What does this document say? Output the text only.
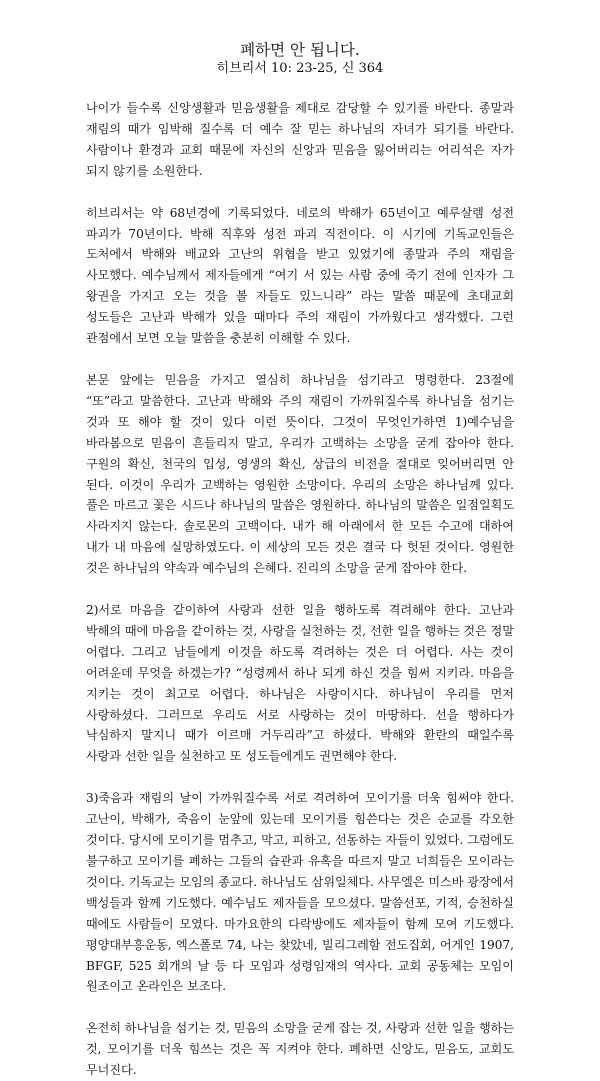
폐하면 안 됩니다.
히브리서 10: 23-25, 신 364

나이가 들수록 신앙생활과 믿음생활을 제대로 감당할 수 있기를 바란다. 종말과 재림의 때가 임박해 질수록 더 예수 잘 믿는 하나님의 자녀가 되기를 바란다. 사람이나 환경과 교회 때문에 자신의 신앙과 믿음을 잃어버리는 어리석은 자가 되지 않기를 소원한다.

히브리서는 약 68년경에 기록되었다. 네로의 박해가 65년이고 예루살렘 성전 파괴가 70년이다. 박해 직후와 성전 파괴 직전이다. 이 시기에 기독교인들은 도처에서 박해와 배교와 고난의 위협을 받고 있었기에 종말과 주의 재림을 사모했다. 예수님께서 제자들에게 “여기 서 있는 사람 중에 죽기 전에 인자가 그 왕권을 가지고 오는 것을 볼 자들도 있느니라” 라는 말씀 때문에 초대교회 성도들은 고난과 박해가 있을 때마다 주의 재림이 가까웠다고 생각했다. 그런 관점에서 보면 오늘 말씀을 충분히 이해할 수 있다.

본문 앞에는 믿음을 가지고 열심히 하나님을 섬기라고 명령한다. 23절에 “또”라고 말씀한다. 고난과 박해와 주의 재림이 가까워질수록 하나님을 섬기는 것과 또 해야 할 것이 있다 이런 뜻이다. 그것이 무엇인가하면 1)예수님을 바라봄으로 믿음이 흔들리지 말고, 우리가 고백하는 소망을 굳게 잡아야 한다. 구원의 확신, 천국의 입성, 영생의 확신, 상급의 비전을 절대로 잊어버리면 안 된다. 이것이 우리가 고백하는 영원한 소망이다. 우리의 소망은 하나님께 있다. 풀은 마르고 꽃은 시드나 하나님의 말씀은 영원하다. 하나님의 말씀은 일점일획도 사라지지 않는다. 솔로몬의 고백이다. 내가 해 아래에서 한 모든 수고에 대하여 내가 내 마음에 실망하였도다. 이 세상의 모든 것은 결국 다 헛된 것이다. 영원한 것은 하나님의 약속과 예수님의 은혜다. 진리의 소망을 굳게 잡아야 한다.

2)서로 마음을 같이하여 사랑과 선한 일을 행하도록 격려해야 한다. 고난과 박해의 때에 마음을 같이하는 것, 사랑을 실천하는 것, 선한 일을 행하는 것은 정말 어렵다. 그리고 남들에게 이것을 하도록 격려하는 것은 더 어렵다. 사는 것이 어려운데 무엇을 하겠는가? “성령께서 하나 되게 하신 것을 힘써 지키라. 마음을 지키는 것이 최고로 어렵다. 하나님은 사랑이시다. 하나님이 우리를 먼저 사랑하셨다. 그러므로 우리도 서로 사랑하는 것이 마땅하다. 선을 행하다가 낙심하지 말지니 때가 이르매 거두리라”고 하셨다. 박해와 환란의 때일수록 사랑과 선한 일을 실천하고 또 성도들에게도 권면해야 한다.

3)죽음과 재림의 날이 가까워질수록 서로 격려하여 모이기를 더욱 힘써야 한다. 고난이, 박해가, 죽음이 눈앞에 있는데 모이기를 힘쓴다는 것은 순교를 각오한 것이다. 당시에 모이기를 멈추고, 막고, 피하고, 선동하는 자들이 있었다. 그럼에도 불구하고 모이기를 폐하는 그들의 습관과 유혹을 따르지 말고 너희들은 모이라는 것이다. 기독교는 모임의 종교다. 하나님도 삼위일체다. 사무엘은 미스바 광장에서 백성들과 함께 기도했다. 예수님도 제자들을 모으셨다. 말씀선포, 기적, 승천하실 때에도 사람들이 모였다. 마가요한의 다락방에도 제자들이 함께 모여 기도했다. 평양대부흥운동, 엑스폴로 74, 나는 찾았네, 빌리그레함 전도집회, 어게인 1907, BFGF, 525 회개의 날 등 다 모임과 성령임재의 역사다. 교회 공동체는 모임이 원조이고 온라인은 보조다.

온전히 하나님을 섬기는 것, 믿음의 소망을 굳게 잡는 것, 사랑과 선한 일을 행하는 것, 모이기를 더욱 힘쓰는 것은 꼭 지켜야 한다. 폐하면 신앙도, 믿음도, 교회도 무너진다.
